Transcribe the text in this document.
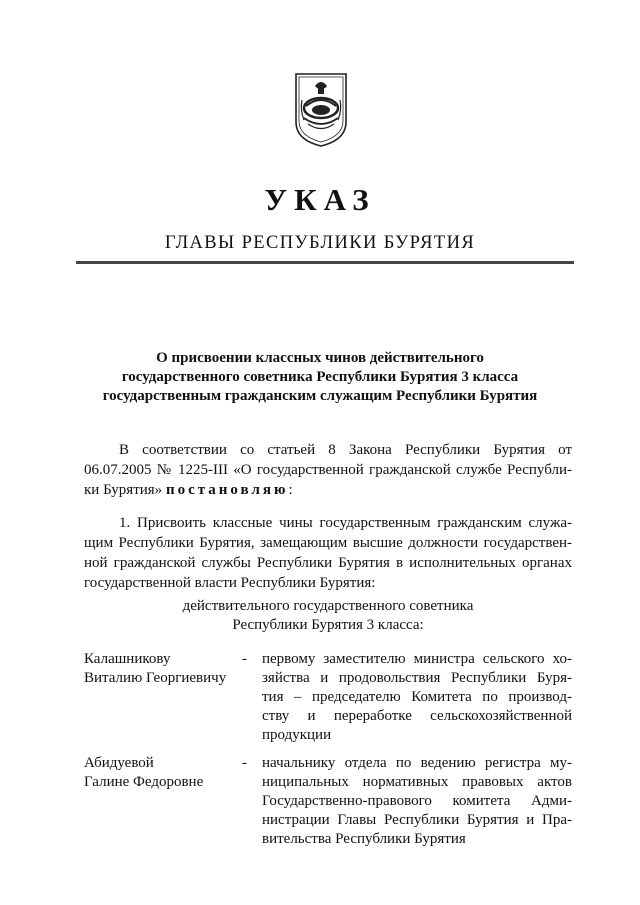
УКАЗ
ГЛАВЫ РЕСПУБЛИКИ БУРЯТИЯ
О присвоении классных чинов действительного
государственного советника Республики Бурятия 3 класса
государственным гражданским служащим Республики Бурятия
В соответствии со статьей 8 Закона Республики Бурятия от
06.07.2005 № 1225-III «О государственной гражданской службе Республи-
ки Бурятия» постановляю:
1. Присвоить классные чины государственным гражданским служа-
щим Республики Бурятия, замещающим высшие должности государствен-
ной гражданской службы Республики Бурятия в исполнительных органах
государственной власти Республики Бурятия:
действительного государственного советника
Республики Бурятия 3 класса:
Калашникову
Виталию Георгиевичу
- первому заместителю министра сельского хо-
зяйства и продовольствия Республики Буря-
тия – председателю Комитета по производ-
ству и переработке сельскохозяйственной
продукции
Абидуевой
Галине Федоровне
- начальнику отдела по ведению регистра му-
ниципальных нормативных правовых актов
Государственно-правового комитета Адми-
нистрации Главы Республики Бурятия и Пра-
вительства Республики Бурятия
